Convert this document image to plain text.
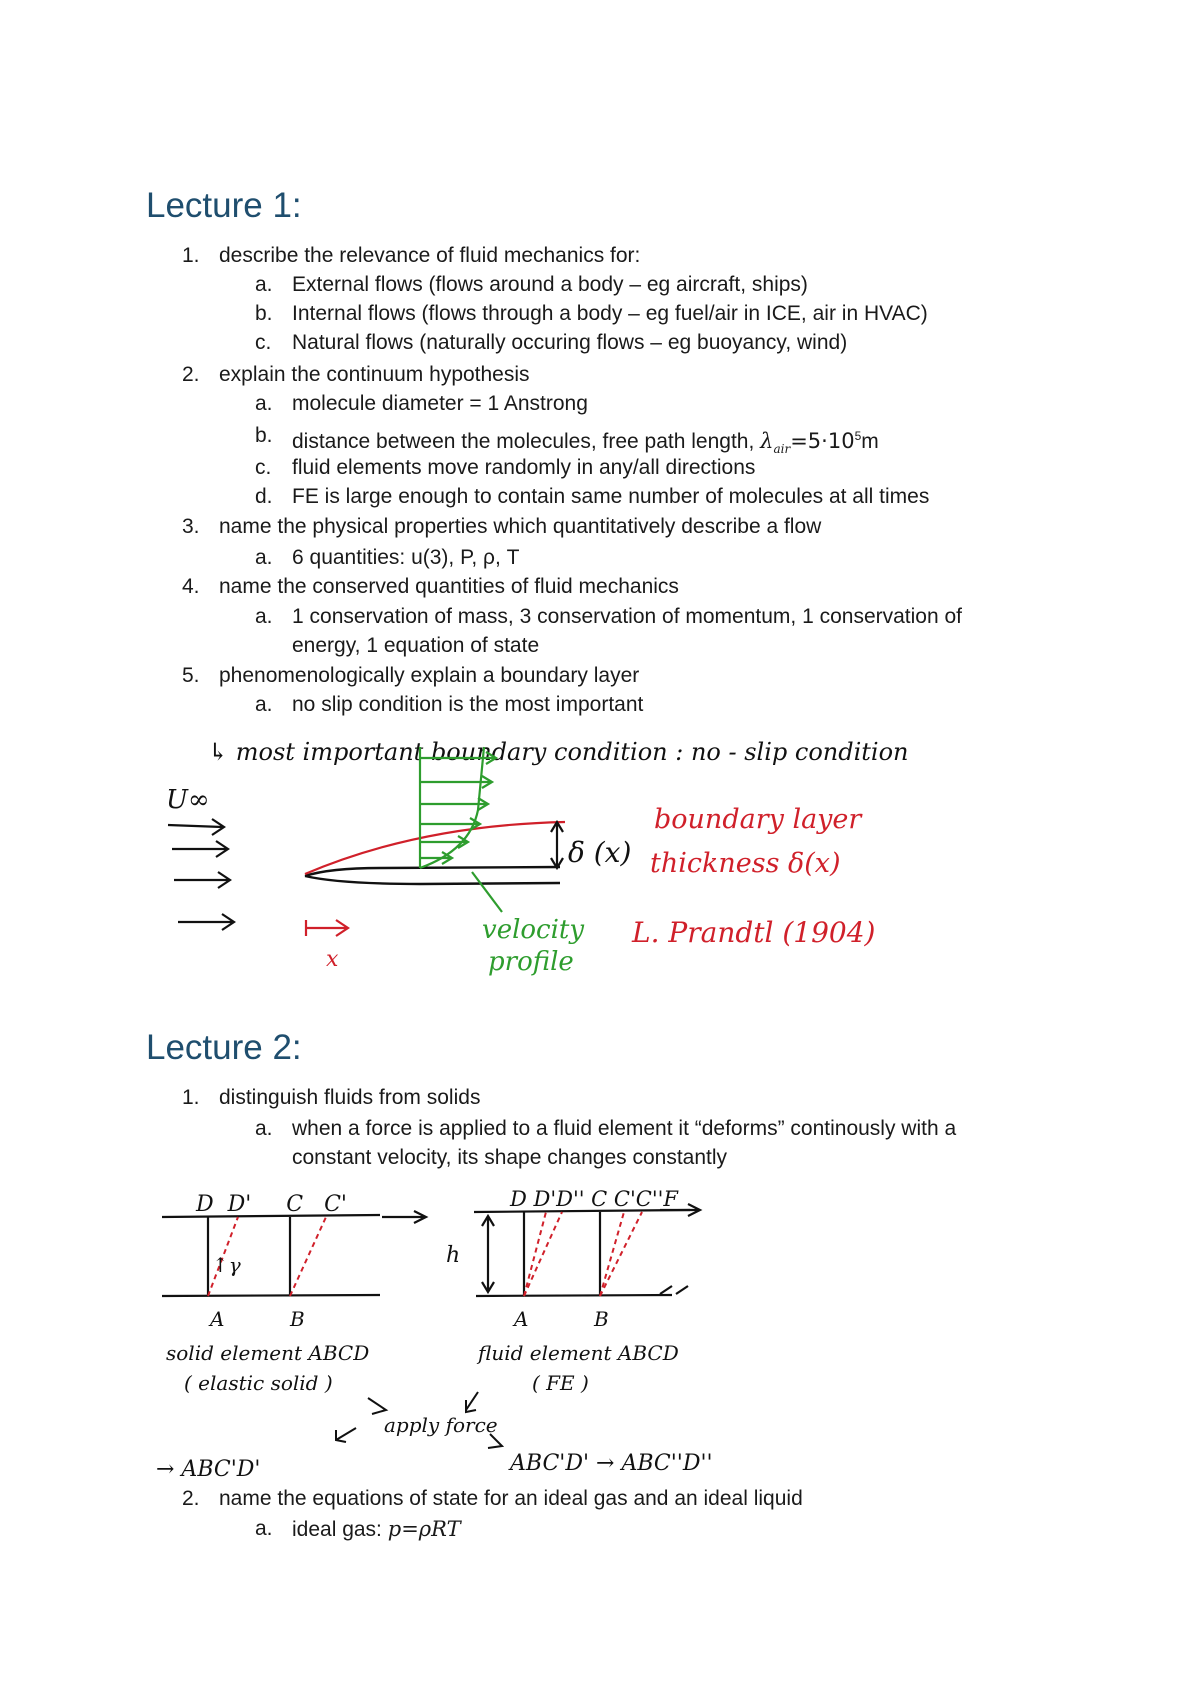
Lecture 1:
1. describe the relevance of fluid mechanics for:
a. External flows (flows around a body – eg aircraft, ships)
b. Internal flows (flows through a body – eg fuel/air in ICE, air in HVAC)
c. Natural flows (naturally occuring flows – eg buoyancy, wind)
2. explain the continuum hypothesis
a. molecule diameter = 1 Anstrong
b. distance between the molecules, free path length, $\lambda_{air}=5\cdot 10^5m$
c. fluid elements move randomly in any/all directions
d. FE is large enough to contain same number of molecules at all times
3. name the physical properties which quantitatively describe a flow
a. 6 quantities: u(3), P, ρ, T
4. name the conserved quantities of fluid mechanics
a. 1 conservation of mass, 3 conservation of momentum, 1 conservation of
energy, 1 equation of state
5. phenomenologically explain a boundary layer
a. no slip condition is the most important
↳ most important boundary condition : no - slip condition
U∞
δ (x)
boundary layer
thickness δ(x)
velocity
profile
L. Prandtl (1904)
x
Lecture 2:
1. distinguish fluids from solids
a. when a force is applied to a fluid element it “deforms” continously with a
constant velocity, its shape changes constantly
D  D'     C   C'
↑γ
A	B
solid element ABCD
( elastic solid )
D D'D'' C C'C''F
h
A	B
fluid element ABCD
( FE )
apply force
→ ABC'D'	ABC'D' → ABC''D''
2. name the equations of state for an ideal gas and an ideal liquid
a. ideal gas: p=ρRT
